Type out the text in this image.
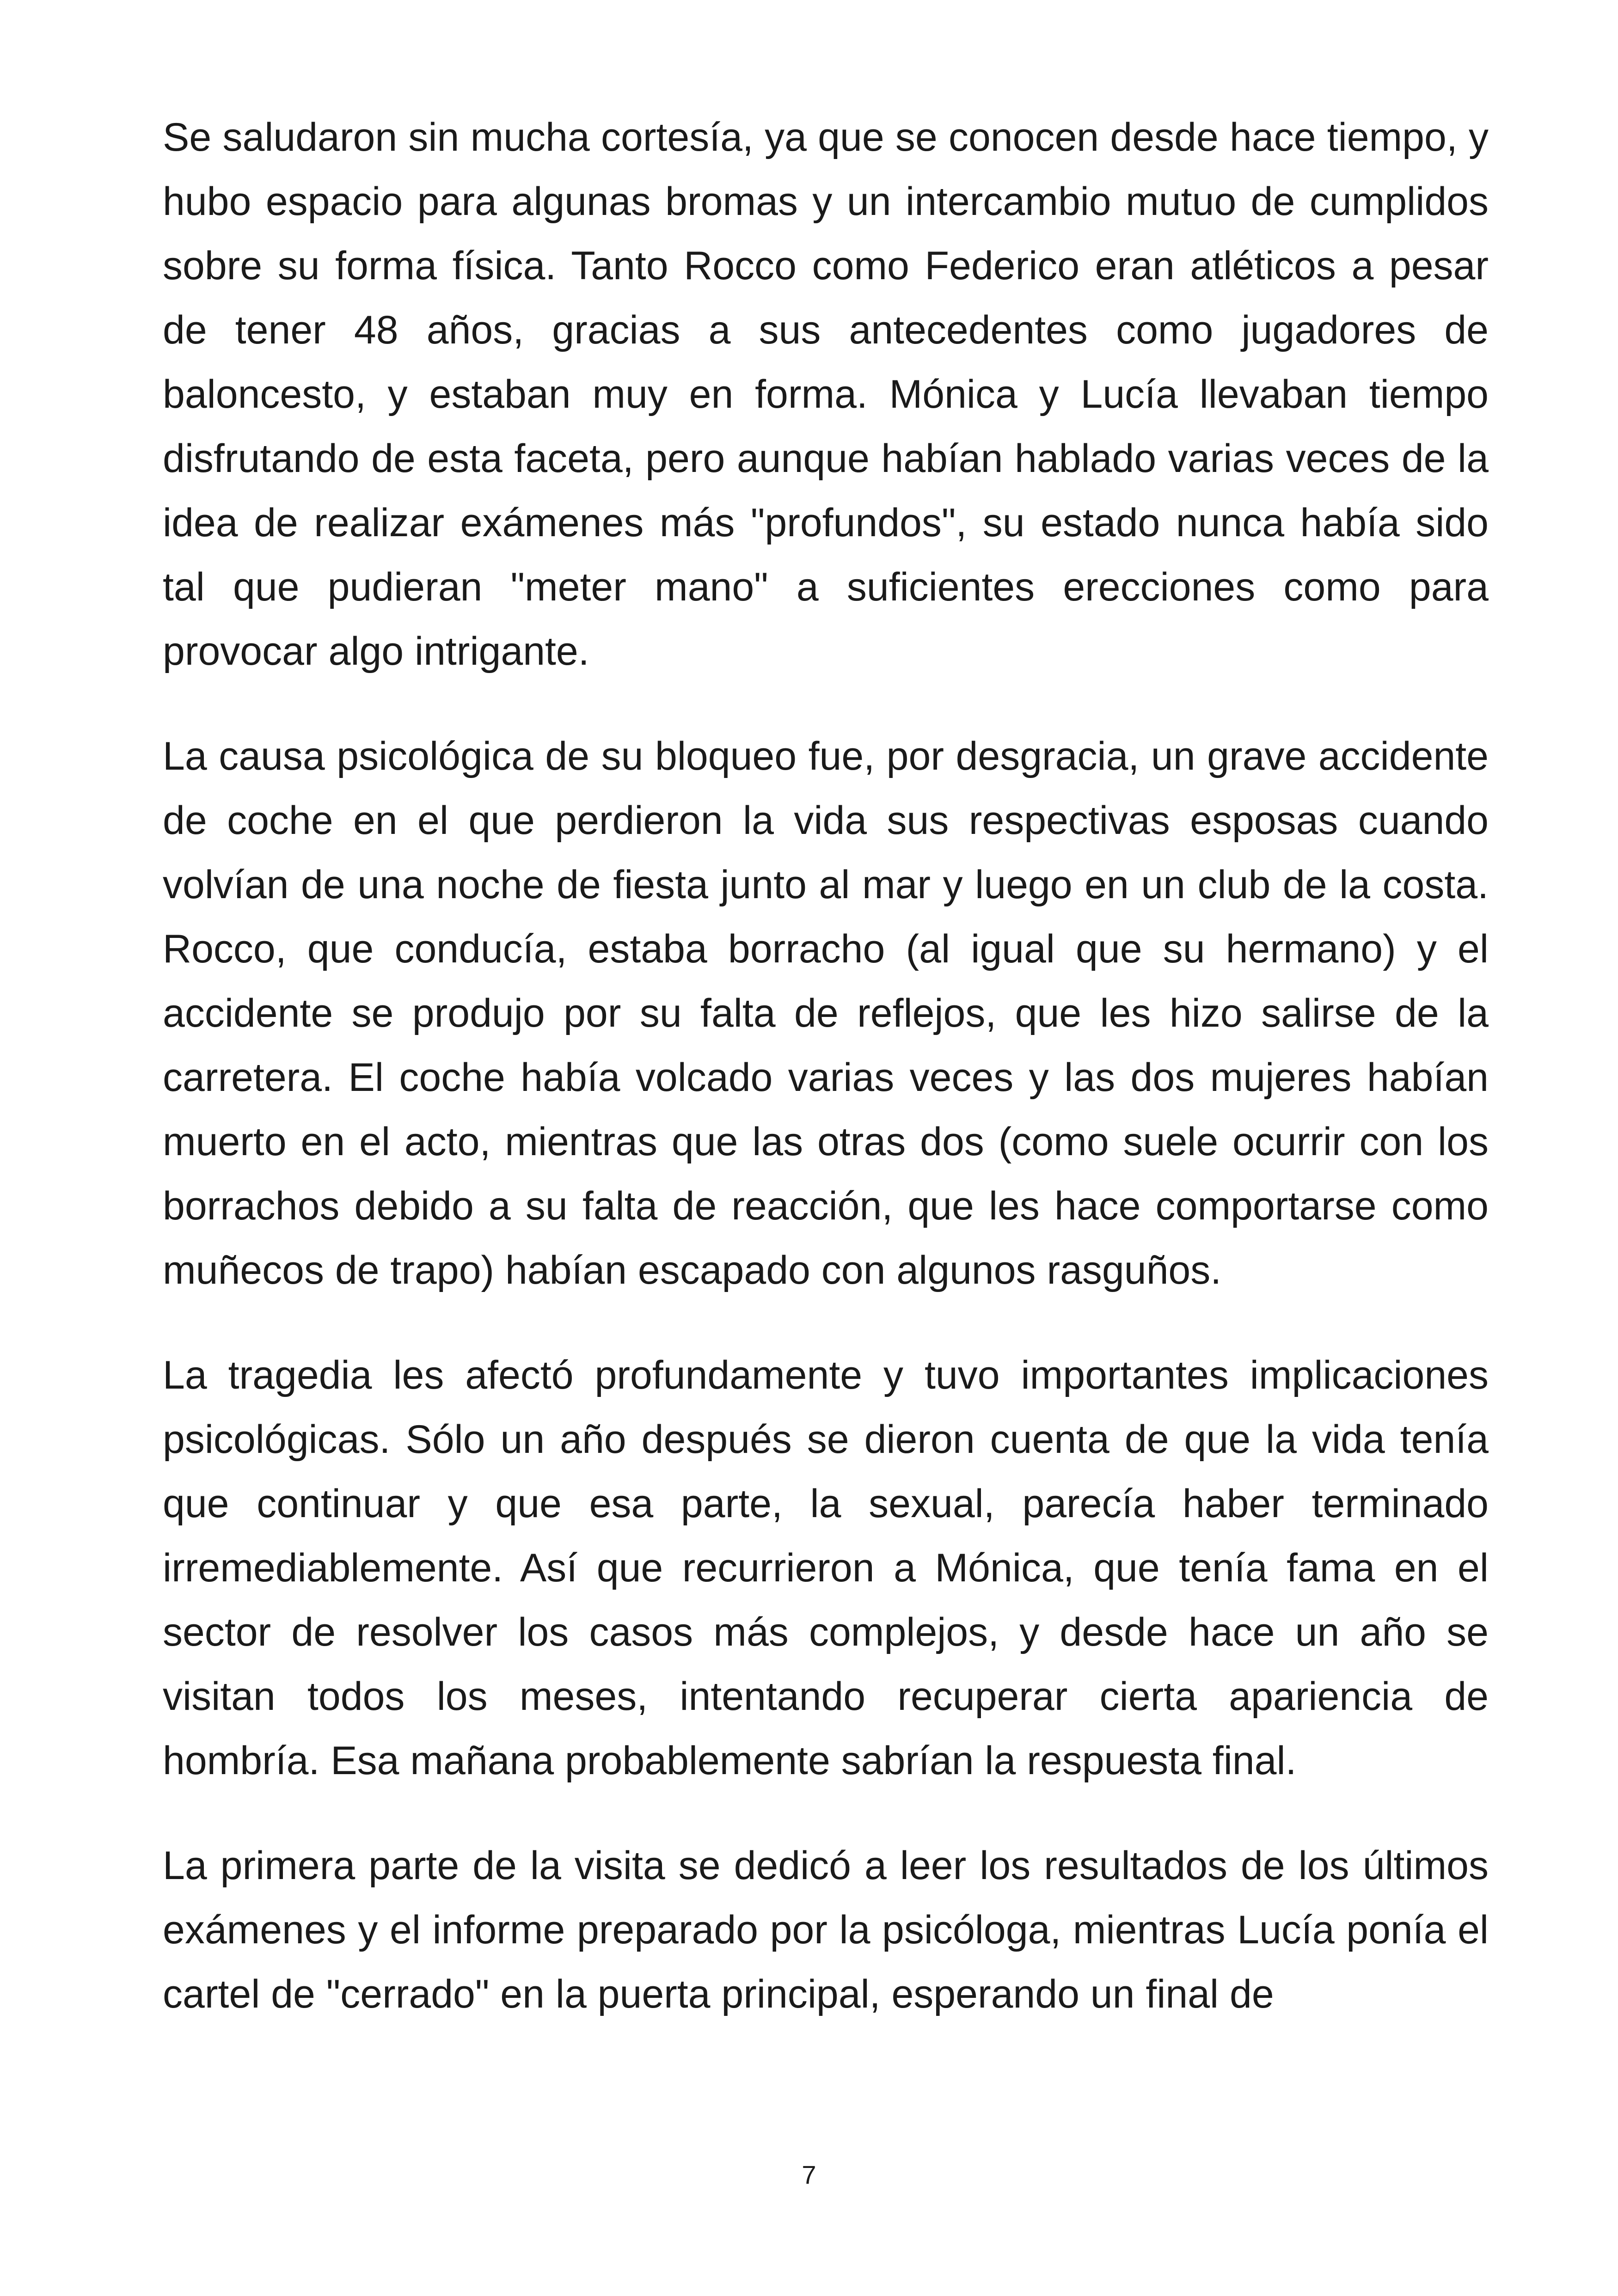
Se saludaron sin mucha cortesía, ya que se conocen desde hace tiempo, y hubo espacio para algunas bromas y un intercambio mutuo de cumplidos sobre su forma física. Tanto Rocco como Federico eran atléticos a pesar de tener 48 años, gracias a sus antecedentes como jugadores de baloncesto, y estaban muy en forma. Mónica y Lucía llevaban tiempo disfrutando de esta faceta, pero aunque habían hablado varias veces de la idea de realizar exámenes más "profundos", su estado nunca había sido tal que pudieran "meter mano" a suficientes erecciones como para provocar algo intrigante.

La causa psicológica de su bloqueo fue, por desgracia, un grave accidente de coche en el que perdieron la vida sus respectivas esposas cuando volvían de una noche de fiesta junto al mar y luego en un club de la costa. Rocco, que conducía, estaba borracho (al igual que su hermano) y el accidente se produjo por su falta de reflejos, que les hizo salirse de la carretera. El coche había volcado varias veces y las dos mujeres habían muerto en el acto, mientras que las otras dos (como suele ocurrir con los borrachos debido a su falta de reacción, que les hace comportarse como muñecos de trapo) habían escapado con algunos rasguños.

La tragedia les afectó profundamente y tuvo importantes implicaciones psicológicas. Sólo un año después se dieron cuenta de que la vida tenía que continuar y que esa parte, la sexual, parecía haber terminado irremediablemente. Así que recurrieron a Mónica, que tenía fama en el sector de resolver los casos más complejos, y desde hace un año se visitan todos los meses, intentando recuperar cierta apariencia de hombría. Esa mañana probablemente sabrían la respuesta final.

La primera parte de la visita se dedicó a leer los resultados de los últimos exámenes y el informe preparado por la psicóloga, mientras Lucía ponía el cartel de "cerrado" en la puerta principal, esperando un final de

7
